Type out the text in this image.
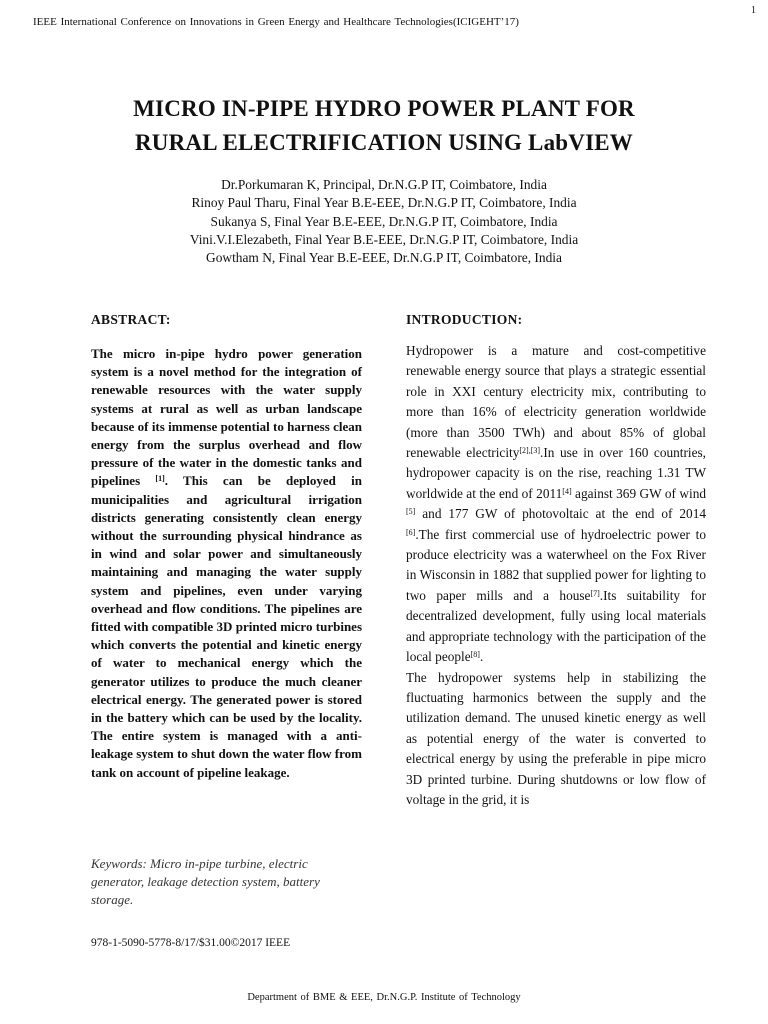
1
IEEE International Conference on Innovations in Green Energy and Healthcare Technologies(ICIGEHT’17)
MICRO IN-PIPE HYDRO POWER PLANT FOR
RURAL ELECTRIFICATION USING LabVIEW
Dr.Porkumaran K, Principal, Dr.N.G.P IT, Coimbatore, India
Rinoy Paul Tharu, Final Year B.E-EEE, Dr.N.G.P IT, Coimbatore, India
Sukanya S, Final Year B.E-EEE, Dr.N.G.P IT, Coimbatore, India
Vini.V.I.Elezabeth, Final Year B.E-EEE, Dr.N.G.P IT, Coimbatore, India
Gowtham N, Final Year B.E-EEE, Dr.N.G.P IT, Coimbatore, India
ABSTRACT:	INTRODUCTION:
The micro in-pipe hydro power generation system is a novel method for the integration of renewable resources with the water supply systems at rural as well as urban landscape because of its immense potential to harness clean energy from the surplus overhead and flow pressure of the water in the domestic tanks and pipelines [1]. This can be deployed in municipalities and agricultural irrigation districts generating consistently clean energy without the surrounding physical hindrance as in wind and solar power and simultaneously maintaining and managing the water supply system and pipelines, even under varying overhead and flow conditions. The pipelines are fitted with compatible 3D printed micro turbines which converts the potential and kinetic energy of water to mechanical energy which the generator utilizes to produce the much cleaner electrical energy. The generated power is stored in the battery which can be used by the locality. The entire system is managed with a anti-leakage system to shut down the water flow from tank on account of pipeline leakage.
Keywords: Micro in-pipe turbine, electric generator, leakage detection system, battery storage.

Hydropower is a mature and cost-competitive renewable energy source that plays a strategic essential role in XXI century electricity mix, contributing to more than 16% of electricity generation worldwide (more than 3500 TWh) and about 85% of global renewable electricity[2],[3].In use in over 160 countries, hydropower capacity is on the rise, reaching 1.31 TW worldwide at the end of 2011[4] against 369 GW of wind [5] and 177 GW of photovoltaic at the end of 2014 [6].The first commercial use of hydroelectric power to produce electricity was a waterwheel on the Fox River in Wisconsin in 1882 that supplied power for lighting to two paper mills and a house[7].Its suitability for decentralized development, fully using local materials and appropriate technology with the participation of the local people[8].

The hydropower systems help in stabilizing the fluctuating harmonics between the supply and the utilization demand. The unused kinetic energy as well as potential energy of the water is converted to electrical energy by using the preferable in pipe micro 3D printed turbine. During shutdowns or low flow of voltage in the grid, it is

978-1-5090-5778-8/17/$31.00©2017 IEEE
Department of BME & EEE, Dr.N.G.P. Institute of Technology
